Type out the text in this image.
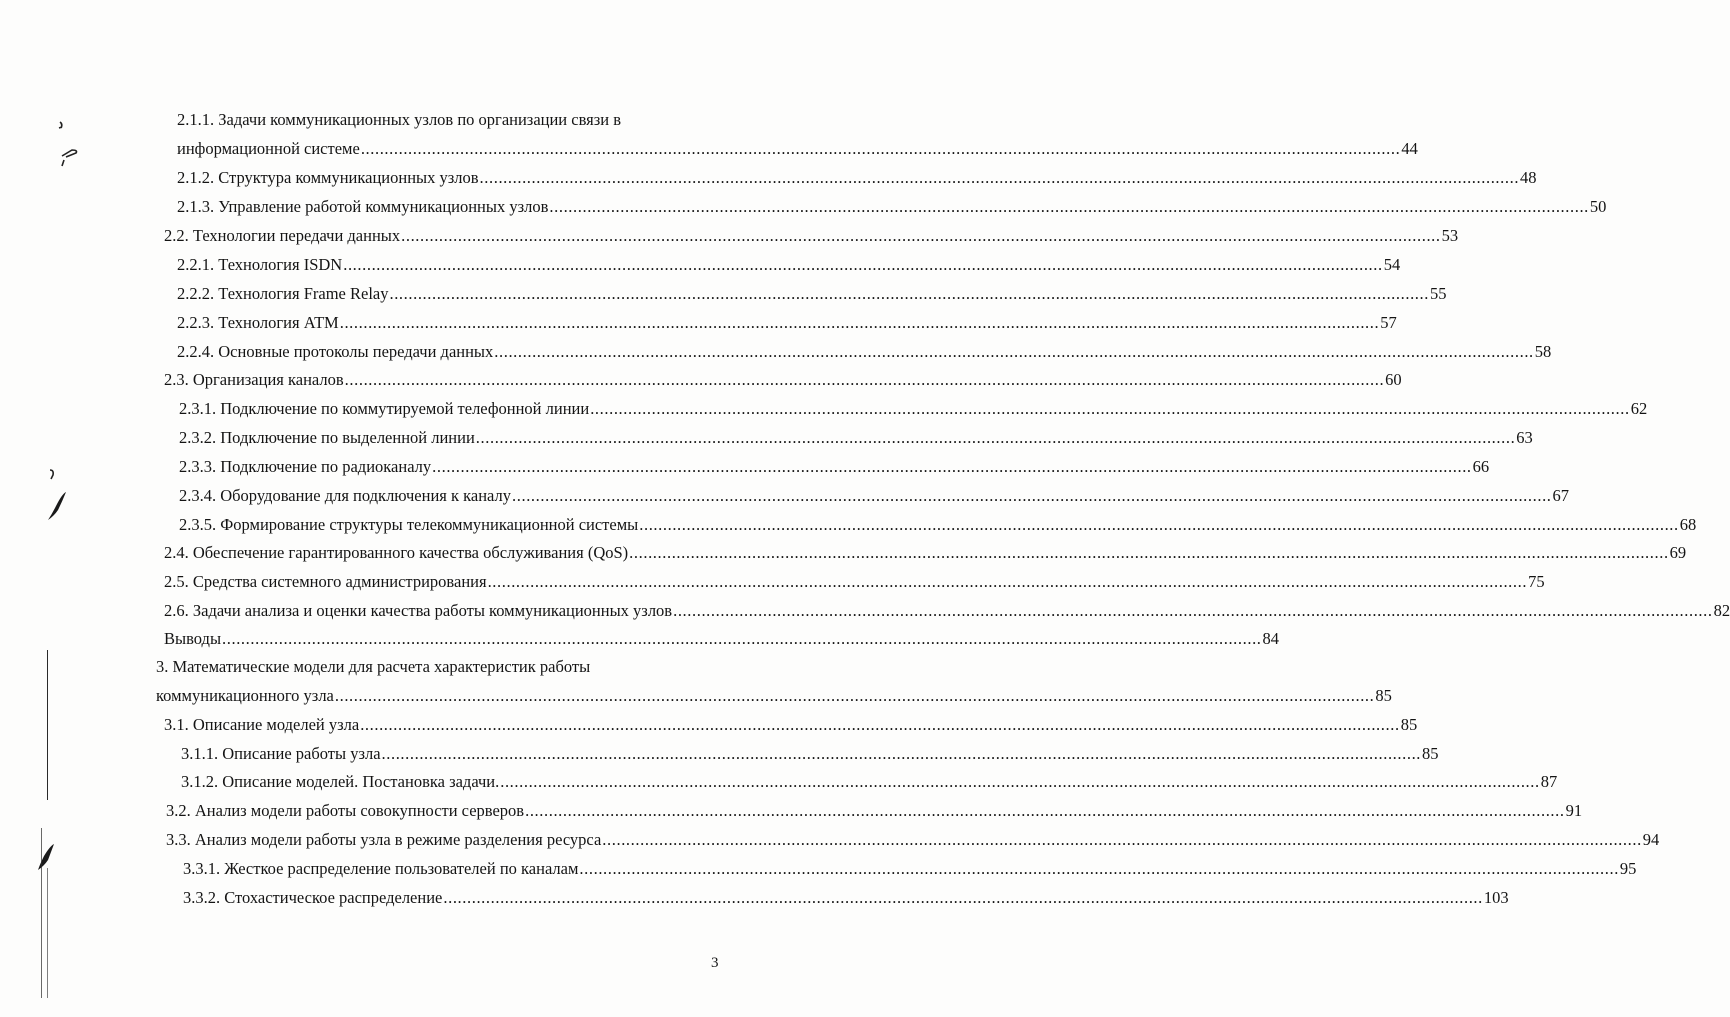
2.1.1. Задачи коммуникационных узлов по организации связи в
информационной системе ............................................................................................................................................................................................................................ 44
2.1.2. Структура коммуникационных узлов ............................................................................................................................................................................................................................ 48
2.1.3. Управление работой коммуникационных узлов ............................................................................................................................................................................................................................ 50
2.2. Технологии передачи данных ............................................................................................................................................................................................................................ 53
2.2.1. Технология ISDN ............................................................................................................................................................................................................................ 54
2.2.2. Технология Frame Relay ............................................................................................................................................................................................................................ 55
2.2.3. Технология АТМ ............................................................................................................................................................................................................................ 57
2.2.4. Основные протоколы передачи данных ............................................................................................................................................................................................................................ 58
2.3. Организация каналов ............................................................................................................................................................................................................................ 60
2.3.1. Подключение по коммутируемой телефонной линии ............................................................................................................................................................................................................................ 62
2.3.2. Подключение по выделенной линии ............................................................................................................................................................................................................................ 63
2.3.3. Подключение по радиоканалу ............................................................................................................................................................................................................................ 66
2.3.4. Оборудование для подключения к каналу ............................................................................................................................................................................................................................ 67
2.3.5. Формирование структуры телекоммуникационной системы ............................................................................................................................................................................................................................ 68
2.4. Обеспечение гарантированного качества обслуживания (QoS) ............................................................................................................................................................................................................................ 69
2.5. Средства системного администрирования ............................................................................................................................................................................................................................ 75
2.6. Задачи анализа и оценки качества работы коммуникационных узлов ............................................................................................................................................................................................................................ 82
Выводы ............................................................................................................................................................................................................................ 84
3. Математические модели для расчета характеристик работы
коммуникационного узла ............................................................................................................................................................................................................................ 85
3.1. Описание моделей узла ............................................................................................................................................................................................................................ 85
3.1.1. Описание работы узла ............................................................................................................................................................................................................................ 85
3.1.2. Описание моделей. Постановка задачи. ............................................................................................................................................................................................................................ 87
3.2. Анализ модели работы совокупности серверов ............................................................................................................................................................................................................................ 91
3.3. Анализ модели работы узла в режиме разделения ресурса ............................................................................................................................................................................................................................ 94
3.3.1. Жесткое распределение пользователей по каналам ............................................................................................................................................................................................................................ 95
3.3.2. Стохастическое распределение ............................................................................................................................................................................................................................ 103
3
